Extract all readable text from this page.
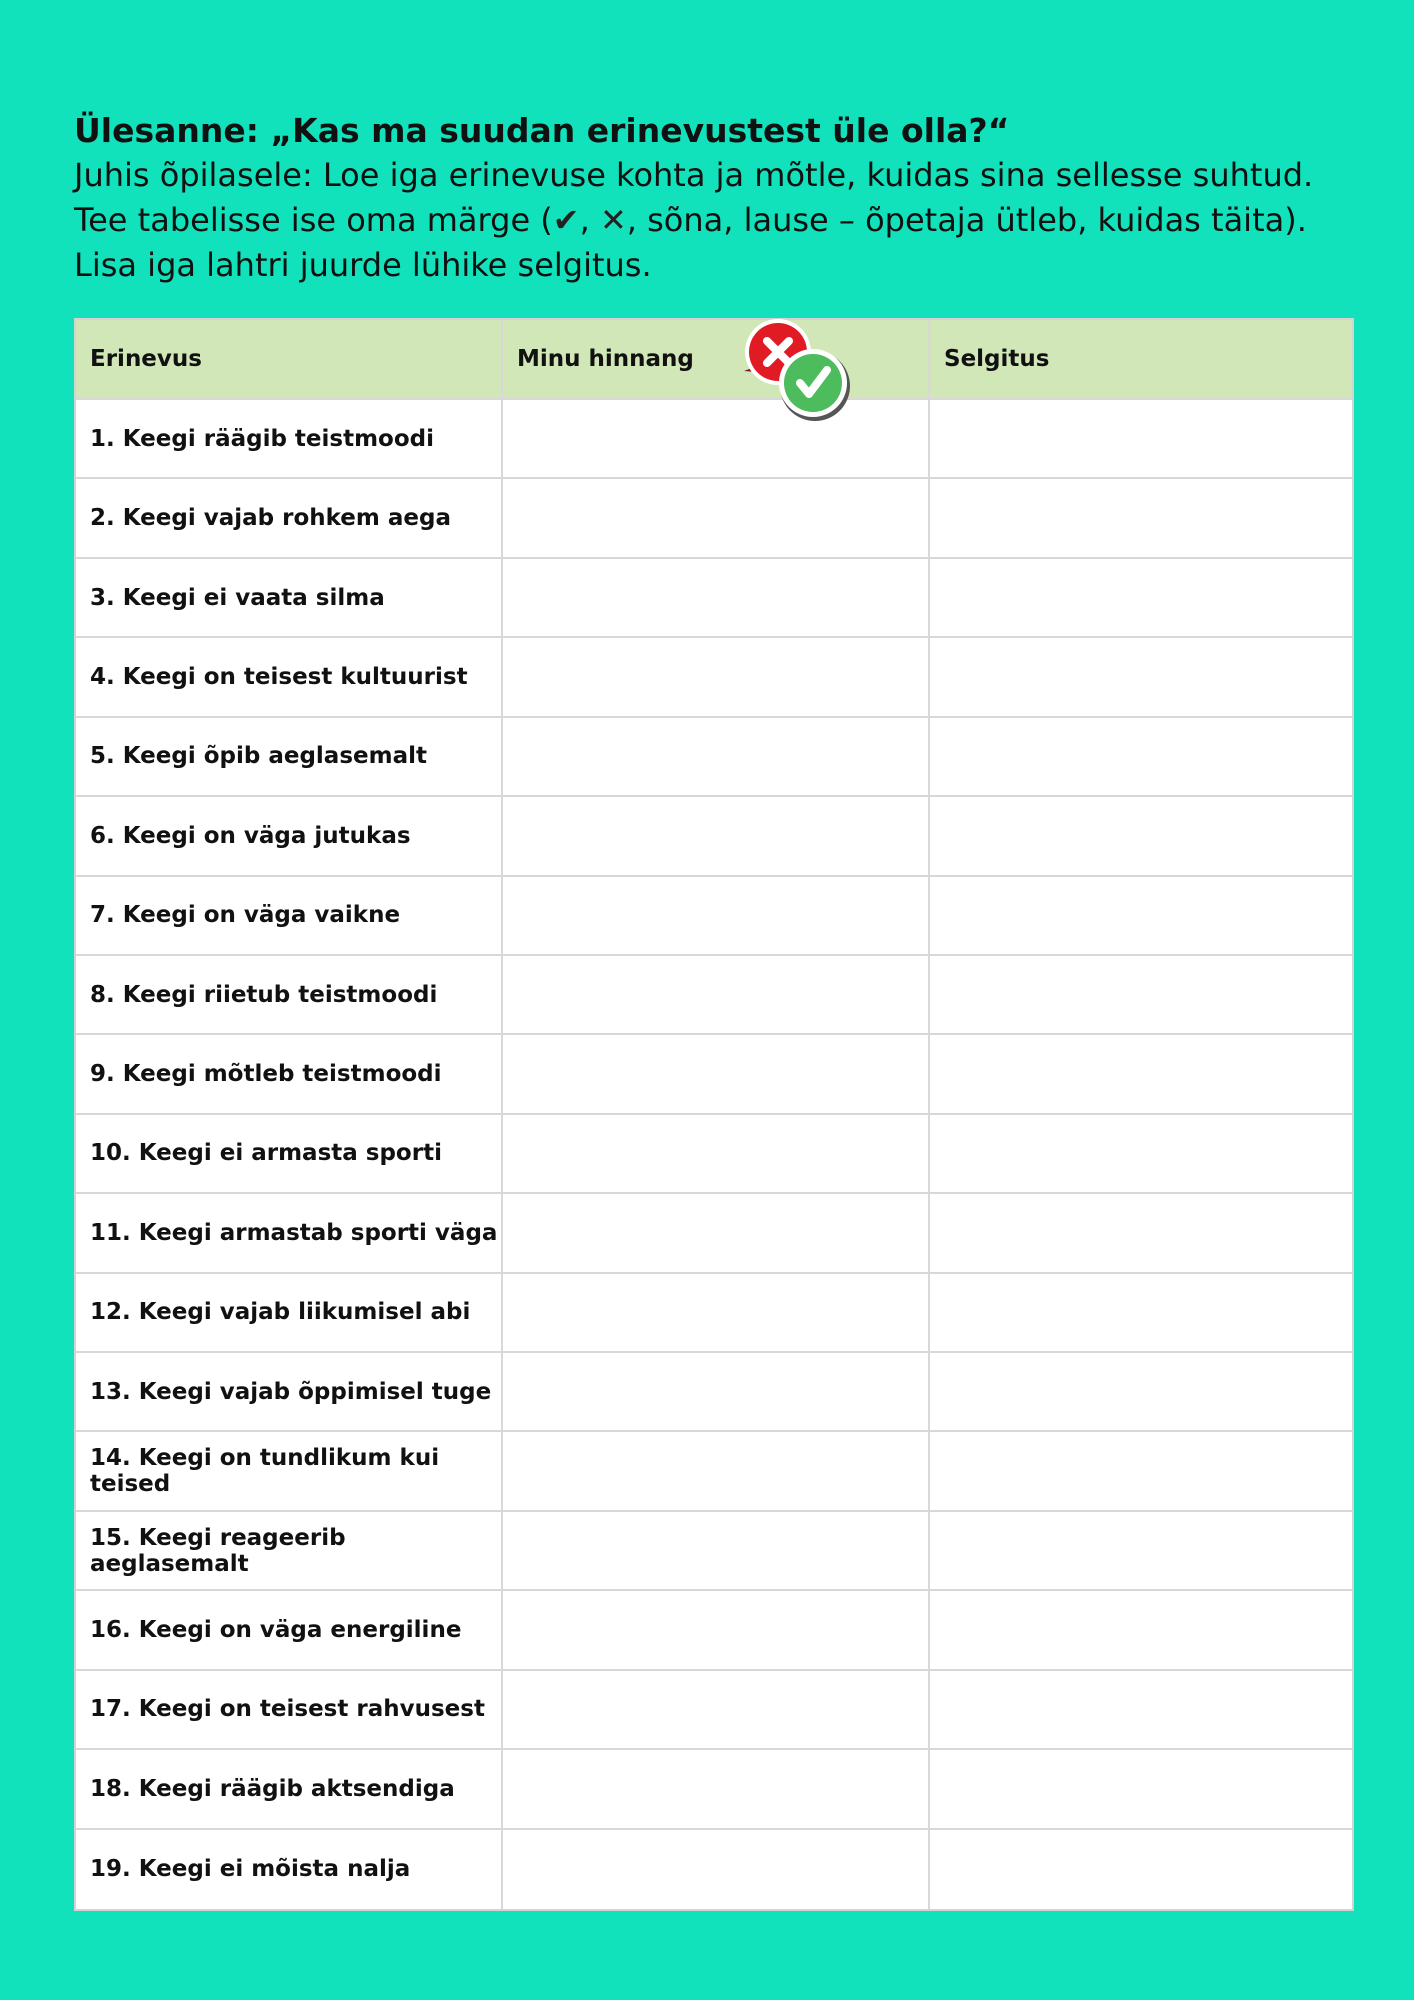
Ülesanne: „Kas ma suudan erinevustest üle olla?“

Juhis õpilasele: Loe iga erinevuse kohta ja mõtle, kuidas sina sellesse suhtud. Tee tabelisse ise oma märge (✔, ✕, sõna, lause – õpetaja ütleb, kuidas täita). Lisa iga lahtri juurde lühike selgitus.

Erinevus	Minu hinnang	Selgitus
1. Keegi räägib teistmoodi
2. Keegi vajab rohkem aega
3. Keegi ei vaata silma
4. Keegi on teisest kultuurist
5. Keegi õpib aeglasemalt
6. Keegi on väga jutukas
7. Keegi on väga vaikne
8. Keegi riietub teistmoodi
9. Keegi mõtleb teistmoodi
10. Keegi ei armasta sporti
11. Keegi armastab sporti väga
12. Keegi vajab liikumisel abi
13. Keegi vajab õppimisel tuge
14. Keegi on tundlikum kui teised
15. Keegi reageerib aeglasemalt
16. Keegi on väga energiline
17. Keegi on teisest rahvusest
18. Keegi räägib aktsendiga
19. Keegi ei mõista nalja
